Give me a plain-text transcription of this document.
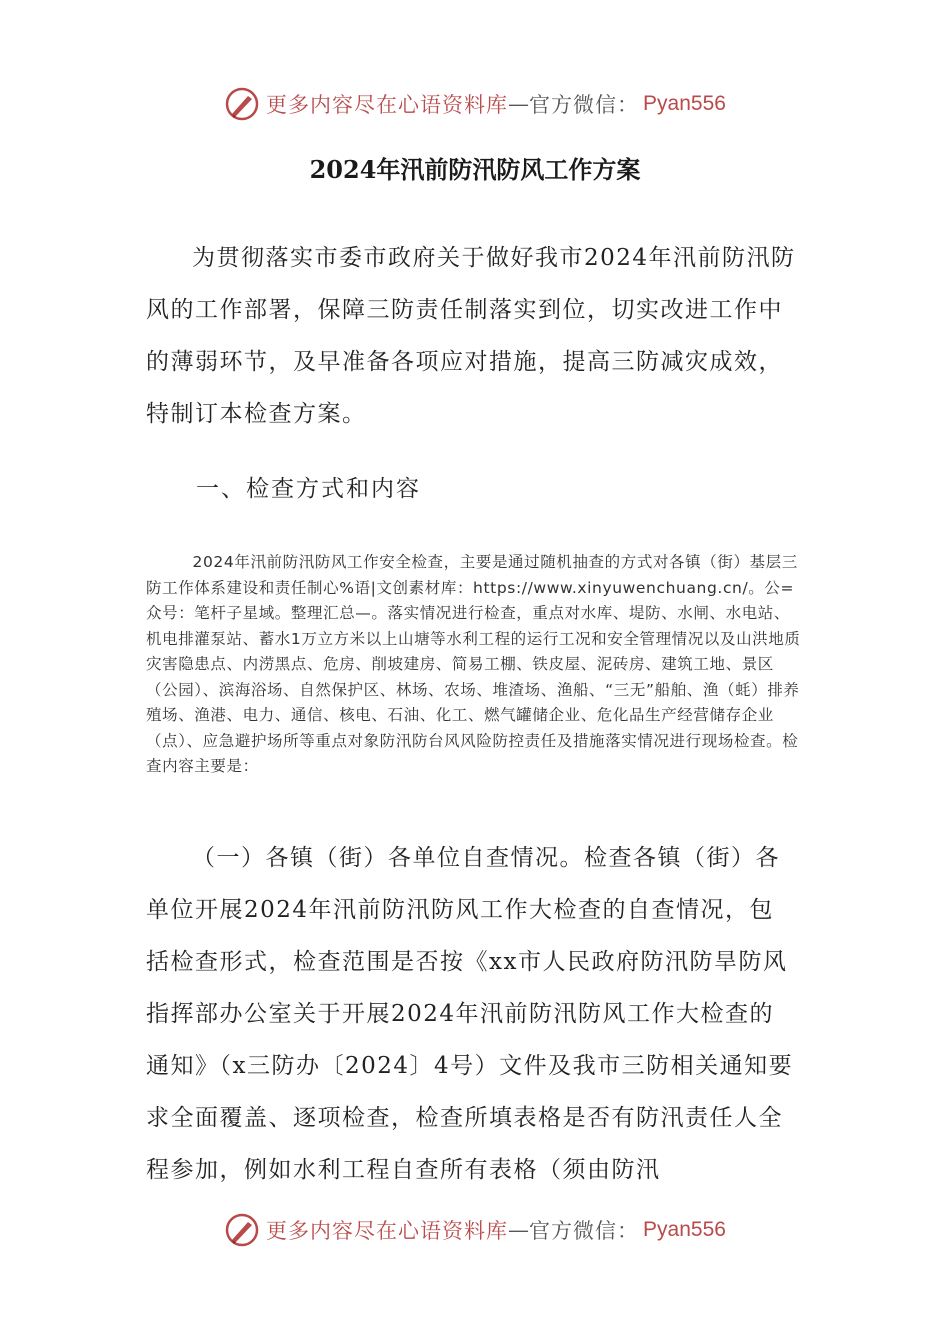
更多内容尽在心语资料库 — 官方微信： Pyan556
2024年汛前防汛防风工作方案

为贯彻落实市委市政府关于做好我市2024年汛前防汛防风的工作部署，保障三防责任制落实到位，切实改进工作中的薄弱环节，及早准备各项应对措施，提高三防减灾成效，特制订本检查方案。

一、检查方式和内容

2024年汛前防汛防风工作安全检查，主要是通过随机抽查的方式对各镇（街）基层三防工作体系建设和责任制心%语|文创素材库：https://www.xinyuwenchuang.cn/。公=众号：笔杆子星域。整理汇总—。落实情况进行检查，重点对水库、堤防、水闸、水电站、机电排灌泵站、蓄水1万立方米以上山塘等水利工程的运行工况和安全管理情况以及山洪地质灾害隐患点、内涝黑点、危房、削坡建房、简易工棚、铁皮屋、泥砖房、建筑工地、景区（公园）、滨海浴场、自然保护区、林场、农场、堆渣场、渔船、“三无”船舶、渔（蚝）排养殖场、渔港、电力、通信、核电、石油、化工、燃气罐储企业、危化品生产经营储存企业（点）、应急避护场所等重点对象防汛防台风风险防控责任及措施落实情况进行现场检查。检查内容主要是：

（一）各镇（街）各单位自查情况。检查各镇（街）各单位开展2024年汛前防汛防风工作大检查的自查情况，包括检查形式，检查范围是否按《xx市人民政府防汛防旱防风指挥部办公室关于开展2024年汛前防汛防风工作大检查的通知》（x三防办〔2024〕4号）文件及我市三防相关通知要求全面覆盖、逐项检查，检查所填表格是否有防汛责任人全程参加，例如水利工程自查所有表格（须由防汛

更多内容尽在心语资料库 — 官方微信： Pyan556
